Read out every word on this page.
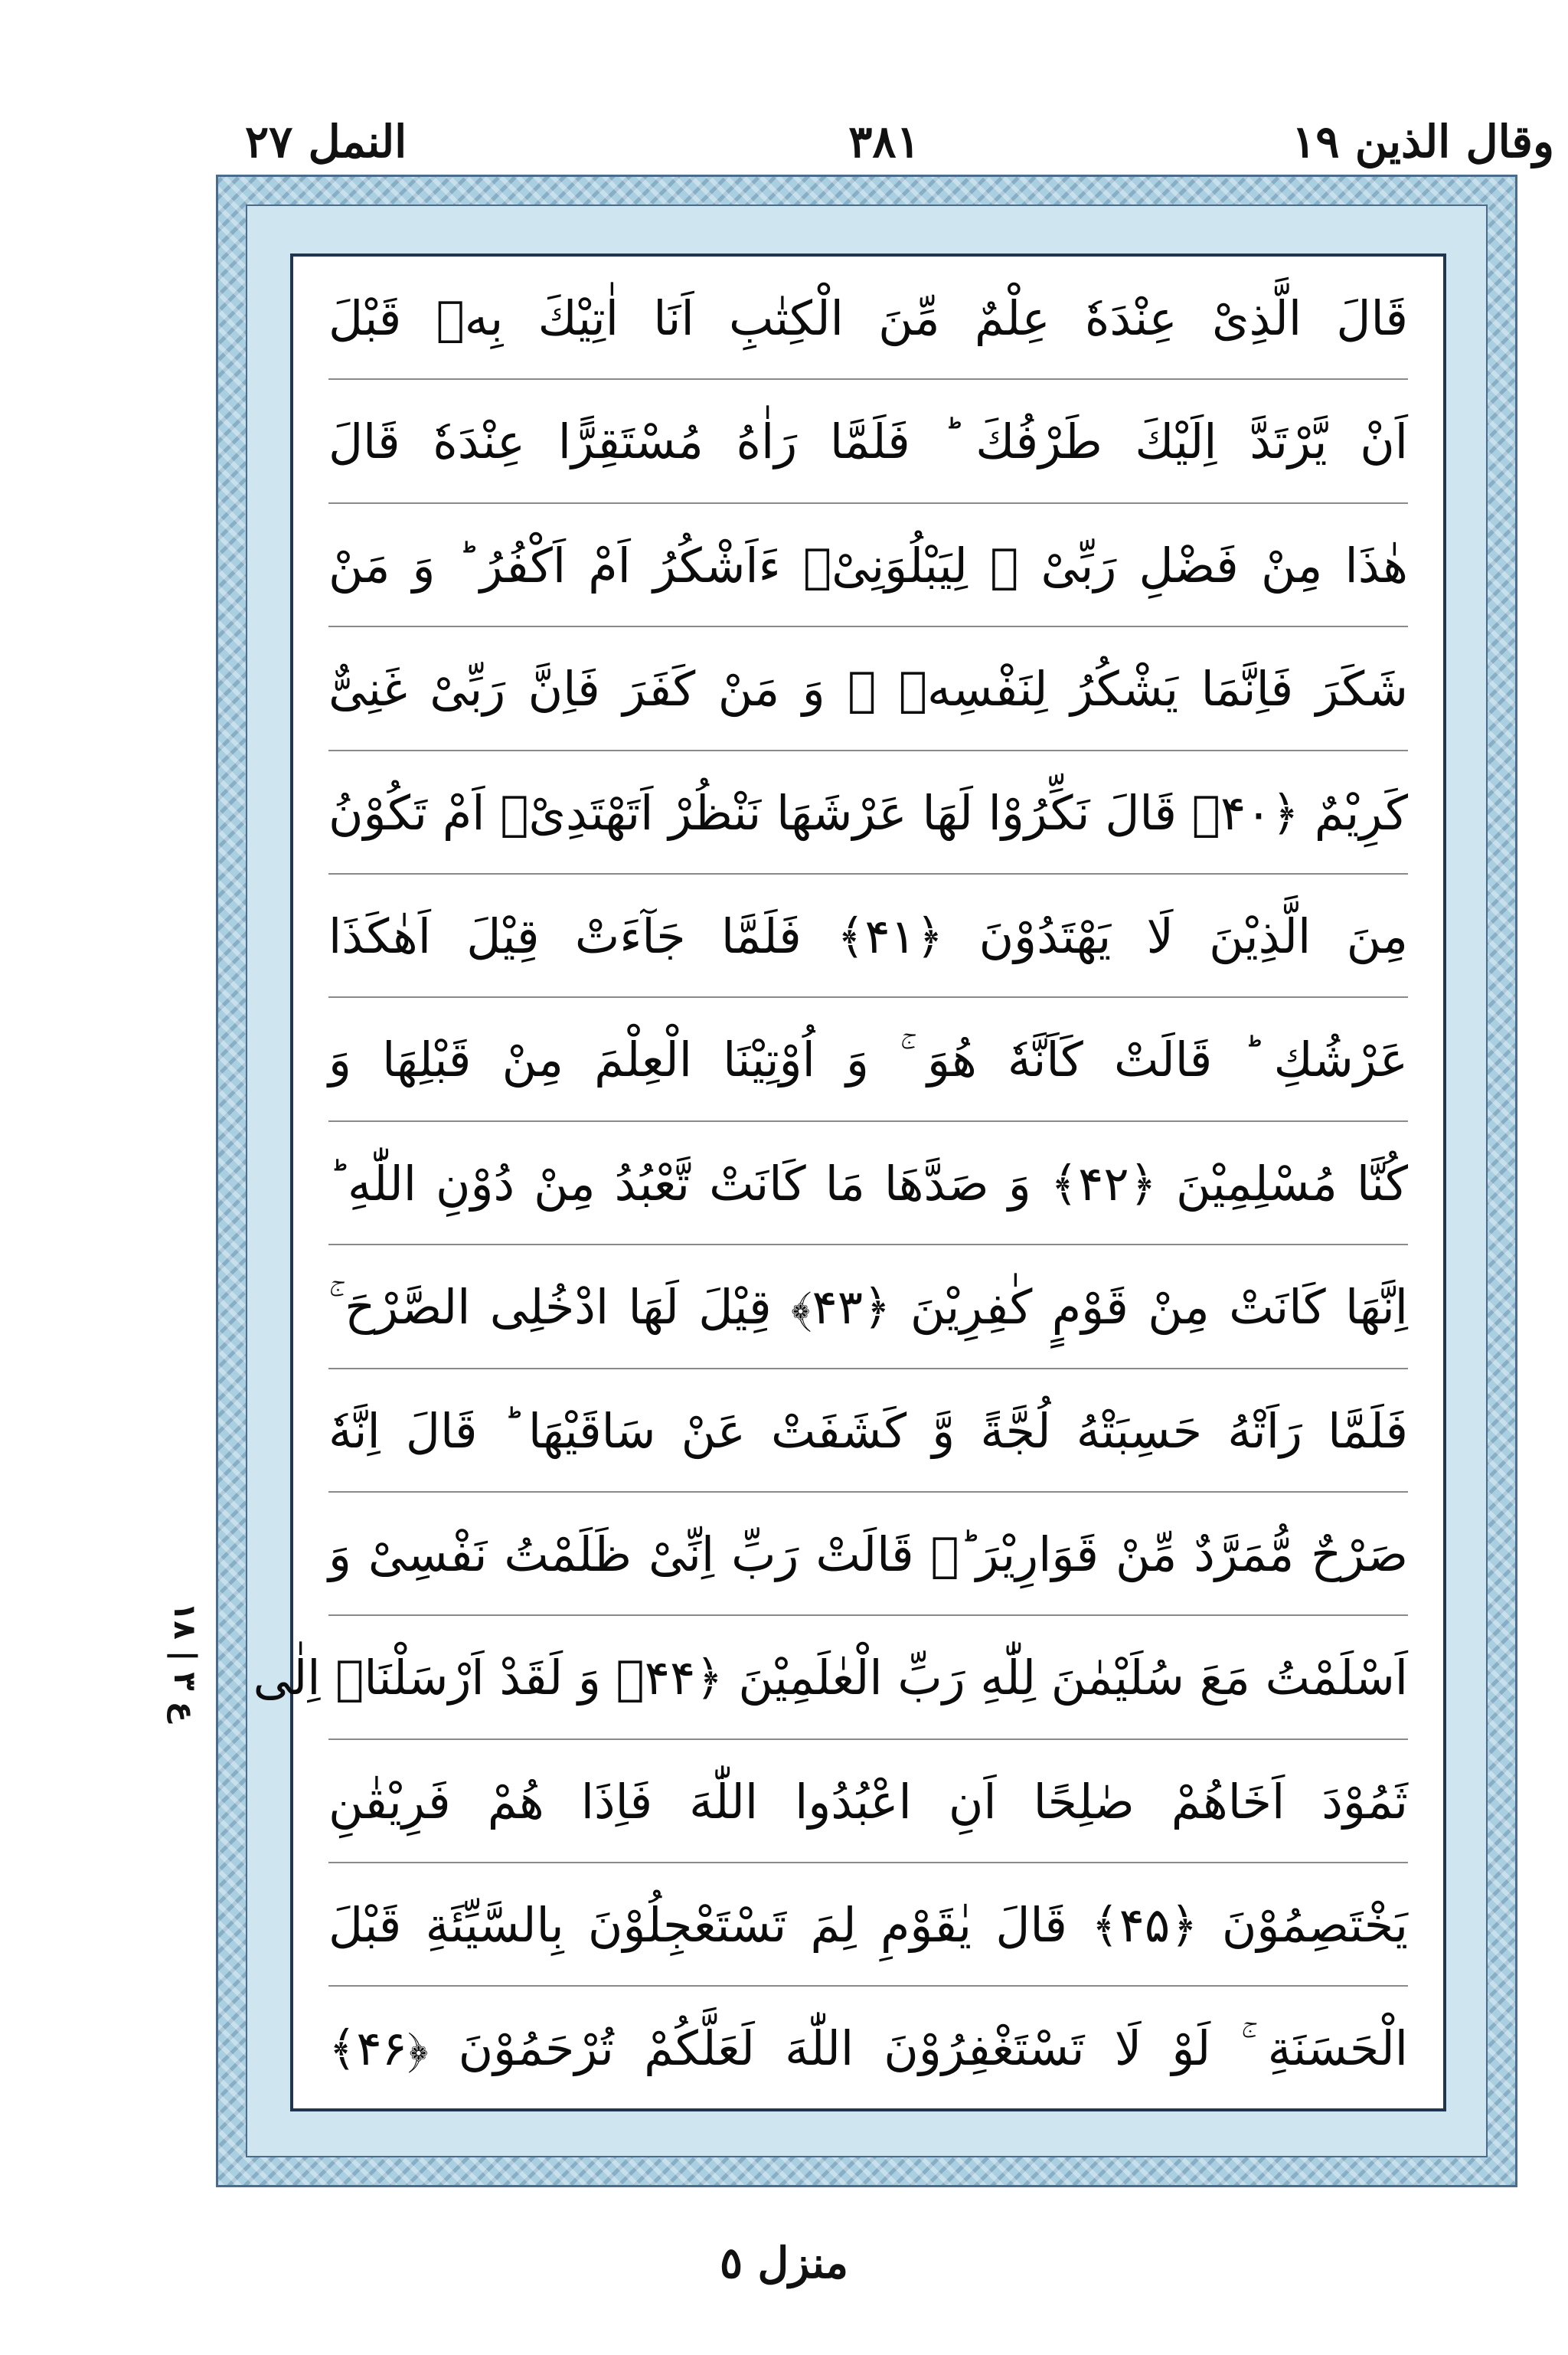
وقال الذين ١٩
٣٨١
النمل ٢٧
قَالَ الَّذِیْ عِنْدَهٗ عِلْمٌ مِّنَ الْكِتٰبِ اَنَا اٰتِیْكَ بِهٖ قَبْلَ
اَنْ یَّرْتَدَّ اِلَیْكَ طَرْفُكَ ؕ فَلَمَّا رَاٰهُ مُسْتَقِرًّا عِنْدَهٗ قَالَ
هٰذَا مِنْ فَضْلِ رَبِّیْ ۫ لِیَبْلُوَنِیْۤ ءَاَشْكُرُ اَمْ اَكْفُرُ ؕ وَ مَنْ
شَكَرَ فَاِنَّمَا یَشْكُرُ لِنَفْسِهٖ ۚ وَ مَنْ كَفَرَ فَاِنَّ رَبِّیْ غَنِیٌّ
كَرِیْمٌ ﴿۴۰﴾ قَالَ نَكِّرُوْا لَهَا عَرْشَهَا نَنْظُرْ اَتَهْتَدِیْۤ اَمْ تَكُوْنُ
مِنَ الَّذِیْنَ لَا یَهْتَدُوْنَ ﴿۴۱﴾ فَلَمَّا جَآءَتْ قِیْلَ اَهٰكَذَا
عَرْشُكِ ؕ قَالَتْ كَاَنَّهٗ هُوَ ۚ وَ اُوْتِیْنَا الْعِلْمَ مِنْ قَبْلِهَا وَ
كُنَّا مُسْلِمِیْنَ ﴿۴۲﴾ وَ صَدَّهَا مَا كَانَتْ تَّعْبُدُ مِنْ دُوْنِ اللّٰهِ ؕ
اِنَّهَا كَانَتْ مِنْ قَوْمٍ كٰفِرِیْنَ ﴿۴۳﴾ قِیْلَ لَهَا ادْخُلِی الصَّرْحَ ۚ
فَلَمَّا رَاَتْهُ حَسِبَتْهُ لُجَّةً وَّ كَشَفَتْ عَنْ سَاقَیْهَا ؕ قَالَ اِنَّهٗ
صَرْحٌ مُّمَرَّدٌ مِّنْ قَوَارِیْرَ ؕ۬ قَالَتْ رَبِّ اِنِّیْ ظَلَمْتُ نَفْسِیْ وَ
اَسْلَمْتُ مَعَ سُلَیْمٰنَ لِلّٰهِ رَبِّ الْعٰلَمِیْنَ ﴿۴۴﴾ وَ لَقَدْ اَرْسَلْنَاۤ اِلٰی
ثَمُوْدَ اَخَاهُمْ صٰلِحًا اَنِ اعْبُدُوا اللّٰهَ فَاِذَا هُمْ فَرِیْقٰنِ
یَخْتَصِمُوْنَ ﴿۴۵﴾ قَالَ یٰقَوْمِ لِمَ تَسْتَعْجِلُوْنَ بِالسَّیِّئَةِ قَبْلَ
الْحَسَنَةِ ۚ لَوْ لَا تَسْتَغْفِرُوْنَ اللّٰهَ لَعَلَّكُمْ تُرْحَمُوْنَ ﴿۴۶﴾
ع ٣ | ١٨
منزل ٥
